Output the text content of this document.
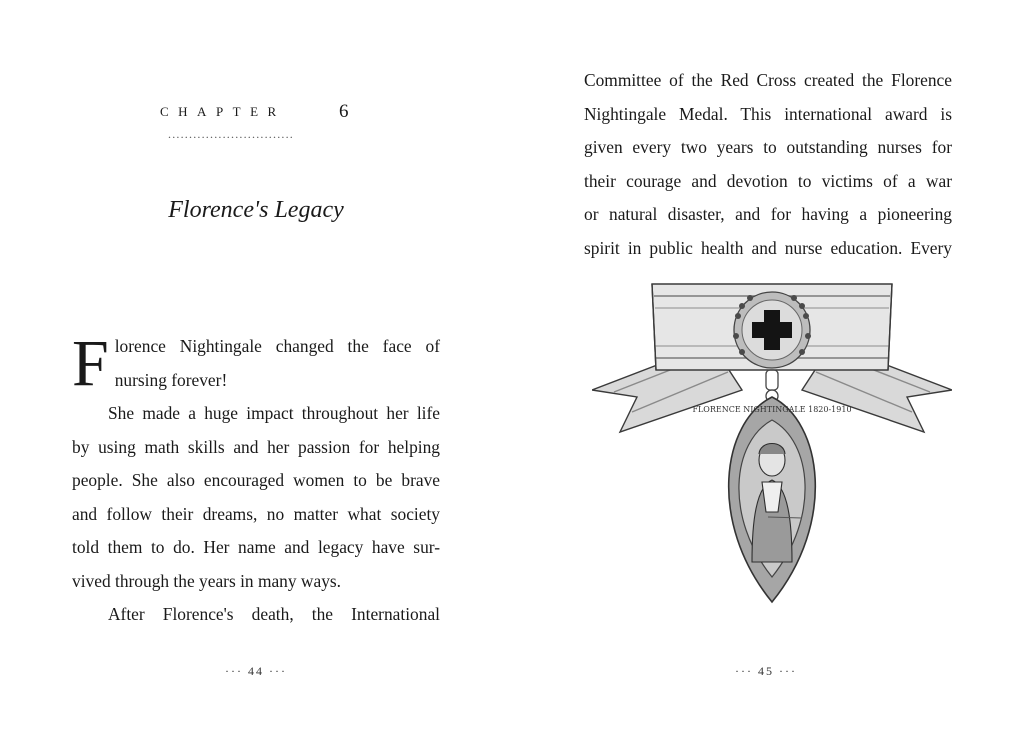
CHAPTER	6
..............................
Florence's Legacy
F lorence Nightingale changed the face of
nursing forever!
She made a huge impact throughout her life
by using math skills and her passion for helping
people. She also encouraged women to be brave
and follow their dreams, no matter what society
told them to do. Her name and legacy have sur-
vived through the years in many ways.
After Florence's death, the International
··· 44 ···
Committee of the Red Cross created the Florence
Nightingale Medal. This international award is
given every two years to outstanding nurses for
their courage and devotion to victims of a war
or natural disaster, and for having a pioneering
spirit in public health and nurse education. Every
FLORENCE NIGHTINGALE 1820-1910
··· 45 ···
